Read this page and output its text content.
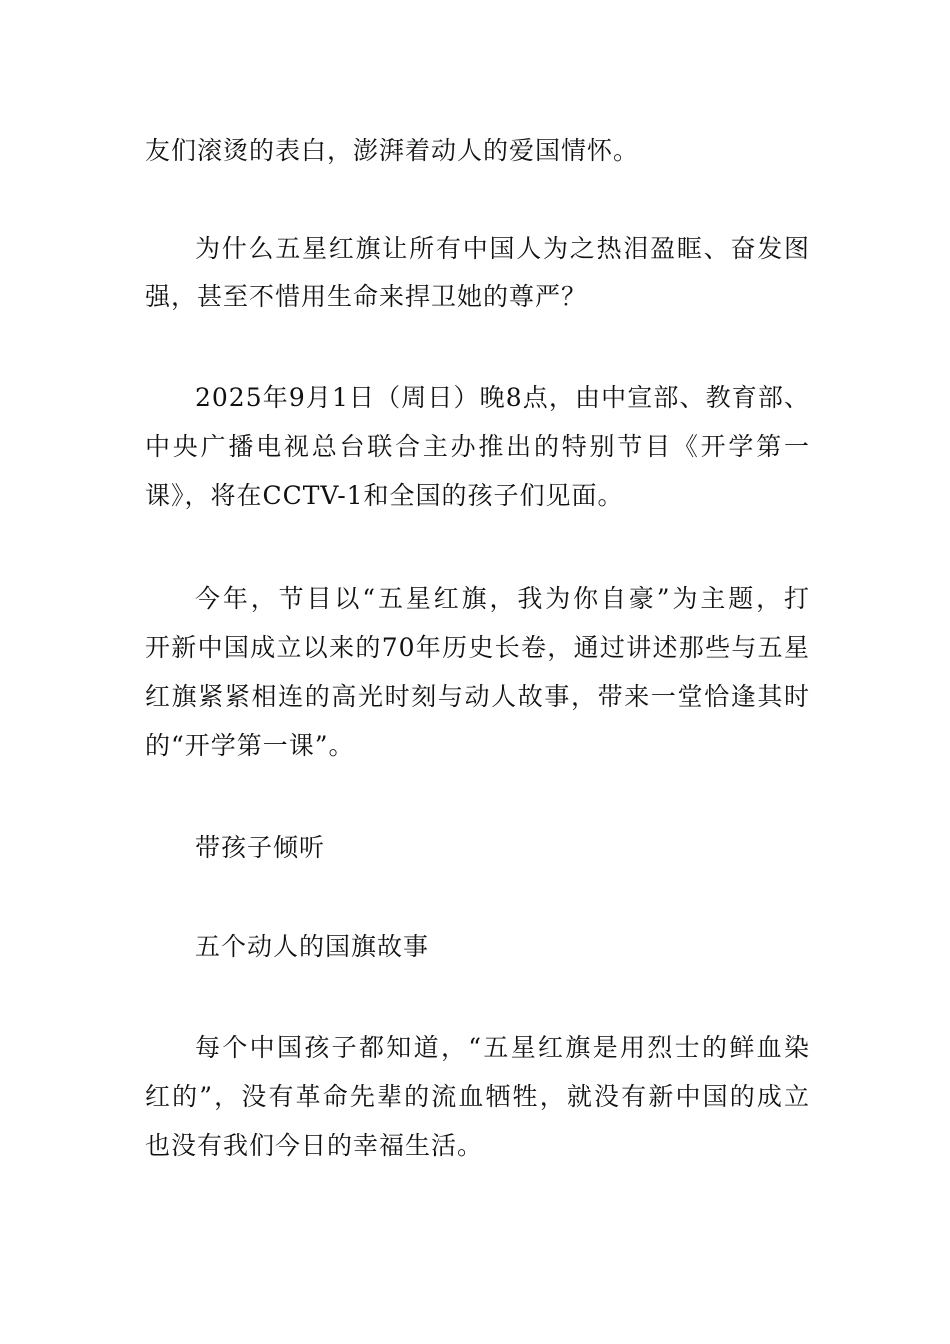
友们滚烫的表白，澎湃着动人的爱国情怀。
为什么五星红旗让所有中国人为之热泪盈眶、奋发图
强，甚至不惜用生命来捍卫她的尊严？
2025年9月1日（周日）晚8点，由中宣部、教育部、
中央广播电视总台联合主办推出的特别节目《开学第一
课》，将在CCTV-1和全国的孩子们见面。
今年，节目以“五星红旗，我为你自豪”为主题，打
开新中国成立以来的70年历史长卷，通过讲述那些与五星
红旗紧紧相连的高光时刻与动人故事，带来一堂恰逢其时
的“开学第一课”。
带孩子倾听
五个动人的国旗故事
每个中国孩子都知道，“五星红旗是用烈士的鲜血染
红的”，没有革命先辈的流血牺牲，就没有新中国的成立
也没有我们今日的幸福生活。
